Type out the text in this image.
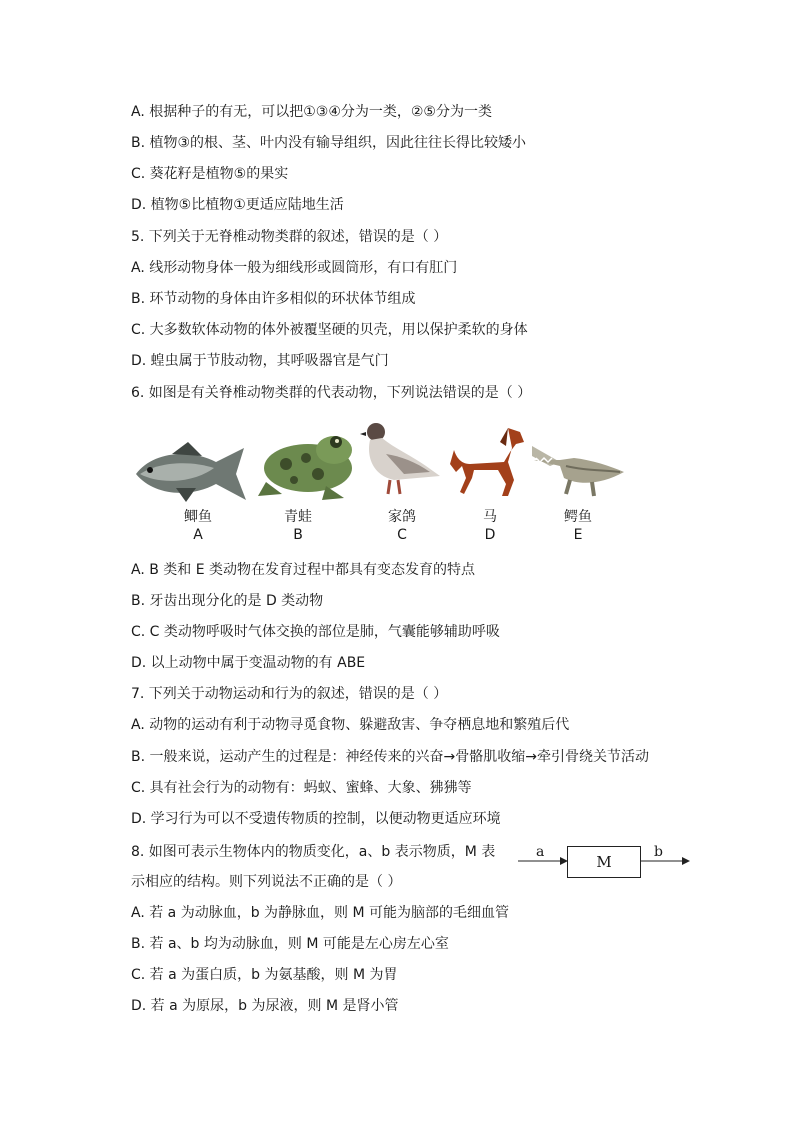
A. 根据种子的有无，可以把①③④分为一类，②⑤分为一类
B. 植物③的根、茎、叶内没有输导组织，因此往往长得比较矮小
C. 葵花籽是植物⑤的果实
D. 植物⑤比植物①更适应陆地生活
5. 下列关于无脊椎动物类群的叙述，错误的是（ ）
A. 线形动物身体一般为细线形或圆筒形，有口有肛门
B. 环节动物的身体由许多相似的环状体节组成
C. 大多数软体动物的体外被覆坚硬的贝壳，用以保护柔软的身体
D. 蝗虫属于节肢动物，其呼吸器官是气门
6. 如图是有关脊椎动物类群的代表动物，下列说法错误的是（ ）
鲫鱼	青蛙	家鸽	马	鳄鱼
A	B	C	D	E
A. B 类和 E 类动物在发育过程中都具有变态发育的特点
B. 牙齿出现分化的是 D 类动物
C. C 类动物呼吸时气体交换的部位是肺，气囊能够辅助呼吸
D. 以上动物中属于变温动物的有 ABE
7. 下列关于动物运动和行为的叙述，错误的是（ ）
A. 动物的运动有利于动物寻觅食物、躲避敌害、争夺栖息地和繁殖后代
B. 一般来说，运动产生的过程是：神经传来的兴奋→骨骼肌收缩→牵引骨绕关节活动
C. 具有社会行为的动物有：蚂蚁、蜜蜂、大象、狒狒等
D. 学习行为可以不受遗传物质的控制，以便动物更适应环境
8. 如图可表示生物体内的物质变化，a、b 表示物质，M 表
示相应的结构。则下列说法不正确的是（ ）
a
M
b
A. 若 a 为动脉血，b 为静脉血，则 M 可能为脑部的毛细血管
B. 若 a、b 均为动脉血，则 M 可能是左心房左心室
C. 若 a 为蛋白质，b 为氨基酸，则 M 为胃
D. 若 a 为原尿，b 为尿液，则 M 是肾小管
